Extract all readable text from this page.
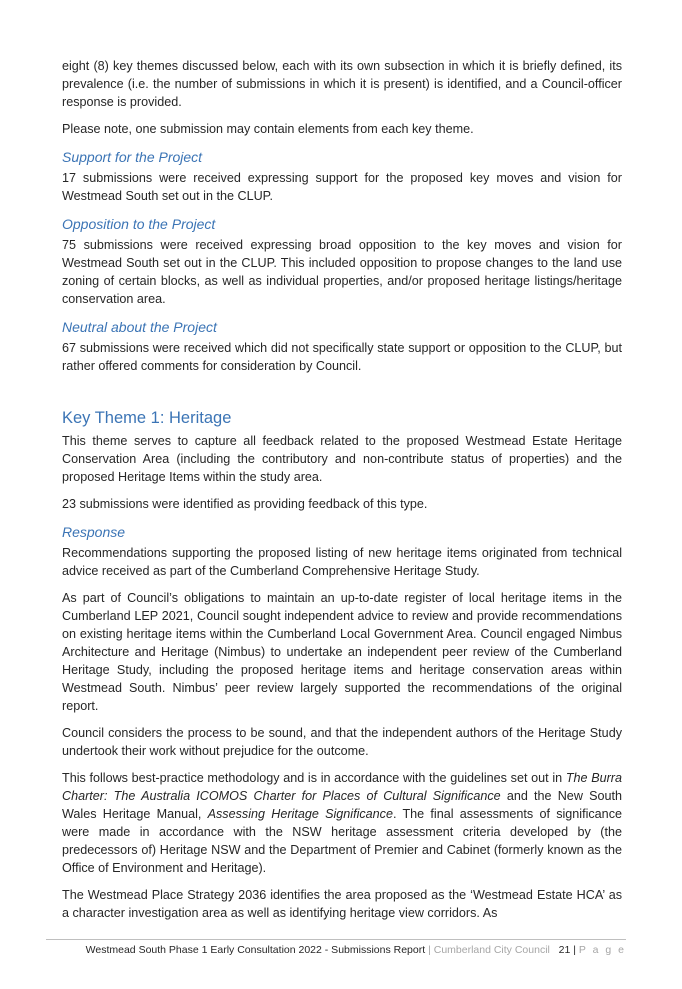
eight (8) key themes discussed below, each with its own subsection in which it is briefly defined, its prevalence (i.e. the number of submissions in which it is present) is identified, and a Council-officer response is provided.

Please note, one submission may contain elements from each key theme.

Support for the Project

17 submissions were received expressing support for the proposed key moves and vision for Westmead South set out in the CLUP.

Opposition to the Project

75 submissions were received expressing broad opposition to the key moves and vision for Westmead South set out in the CLUP. This included opposition to propose changes to the land use zoning of certain blocks, as well as individual properties, and/or proposed heritage listings/heritage conservation area.

Neutral about the Project

67 submissions were received which did not specifically state support or opposition to the CLUP, but rather offered comments for consideration by Council.

Key Theme 1: Heritage

This theme serves to capture all feedback related to the proposed Westmead Estate Heritage Conservation Area (including the contributory and non-contribute status of properties) and the proposed Heritage Items within the study area.

23 submissions were identified as providing feedback of this type.

Response

Recommendations supporting the proposed listing of new heritage items originated from technical advice received as part of the Cumberland Comprehensive Heritage Study.

As part of Council’s obligations to maintain an up-to-date register of local heritage items in the Cumberland LEP 2021, Council sought independent advice to review and provide recommendations on existing heritage items within the Cumberland Local Government Area. Council engaged Nimbus Architecture and Heritage (Nimbus) to undertake an independent peer review of the Cumberland Heritage Study, including the proposed heritage items and heritage conservation areas within Westmead South. Nimbus’ peer review largely supported the recommendations of the original report.

Council considers the process to be sound, and that the independent authors of the Heritage Study undertook their work without prejudice for the outcome.

This follows best-practice methodology and is in accordance with the guidelines set out in The Burra Charter: The Australia ICOMOS Charter for Places of Cultural Significance and the New South Wales Heritage Manual, Assessing Heritage Significance. The final assessments of significance were made in accordance with the NSW heritage assessment criteria developed by (the predecessors of) Heritage NSW and the Department of Premier and Cabinet (formerly known as the Office of Environment and Heritage).

The Westmead Place Strategy 2036 identifies the area proposed as the ‘Westmead Estate HCA’ as a character investigation area as well as identifying heritage view corridors. As

Westmead South Phase 1 Early Consultation 2022 - Submissions Report | Cumberland City Council 21 | P a g e
